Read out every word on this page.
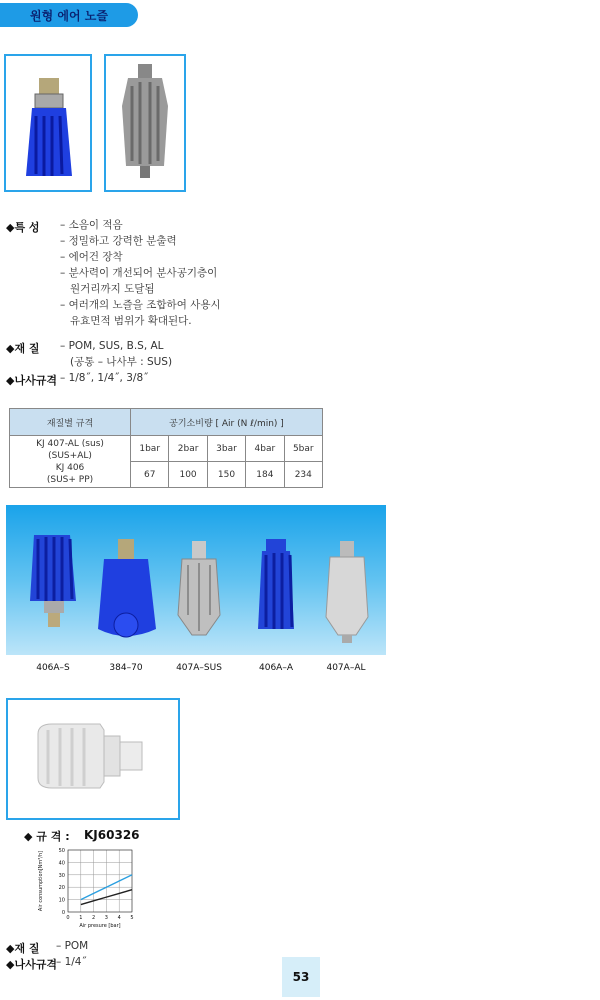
원형 에어 노즐
◆특 성 – 소음이 적음
– 정밀하고 강력한 분출력
– 에어건 장착
– 분사력이 개선되어 분사공기층이
원거리까지 도달됨
– 여러개의 노즐을 조합하여 사용시
유효면적 범위가 확대된다.
◆재 질 – POM, SUS, B.S, AL
(공통 – 나사부 : SUS)
◆나사규격 – 1/8˝, 1/4˝, 3/8˝
재질별 규격	공기소비량 [ Air (N ℓ/min) ]				

KJ 407-AL (sus)
(SUS+AL)
KJ 406
(SUS+ PP)	1bar	2bar	3bar	4bar	5bar
	67	100	150	184	234
406A–S	384–70	407A–SUS	406A–A	407A–AL
◆ 규 격 : KJ60326
0
10
20
30
40
50
0 1 2 3 4 5
Air presure [bar]
Air consumption[Nm³/h]
◆재 질 – POM
◆나사규격 – 1/4˝
53
